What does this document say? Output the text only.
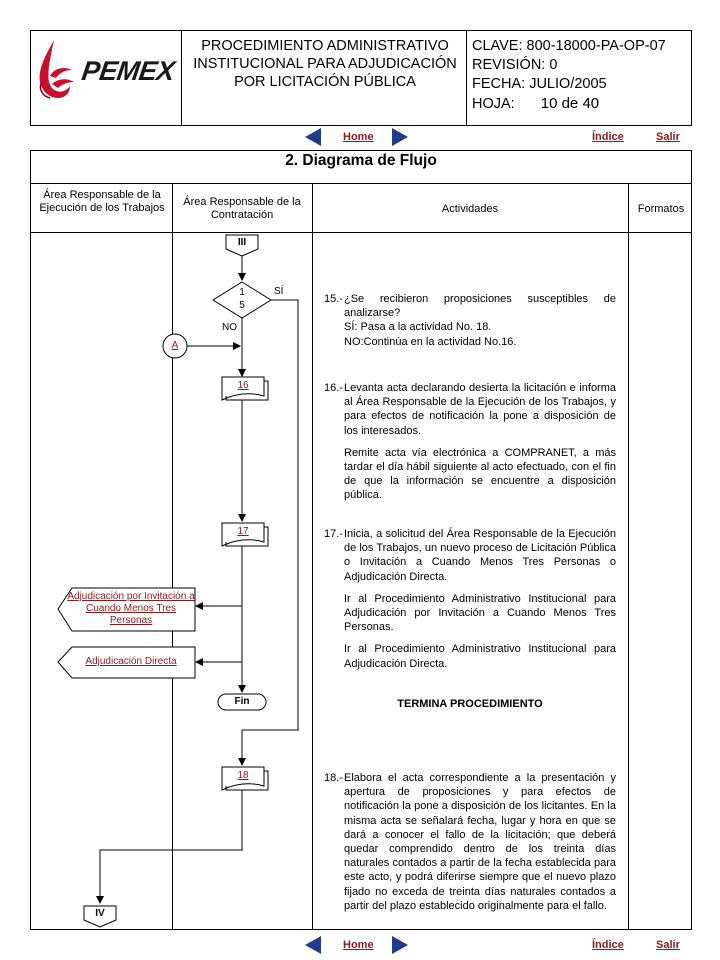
PEMEX
PROCEDIMIENTO ADMINISTRATIVO INSTITUCIONAL PARA ADJUDICACIÓN POR LICITACIÓN PÚBLICA
CLAVE: 800-18000-PA-OP-07
REVISIÓN: 0
FECHA: JULIO/2005
HOJA: 10 de 40
Home	Índice	Salir
2. Diagrama de Flujo
Área Responsable de la Ejecución de los Trabajos	Área Responsable de la Contratación	Actividades	Formatos
III
1
5
SÍ
NO
A
16
17
18
Fin
IV
Adjudicación por Invitación a Cuando Menos Tres Personas
Adjudicación Directa
15.- ¿Se recibieron proposiciones susceptibles de analizarse?
SÍ: Pasa a la actividad No. 18.
NO:Continúa en la actividad No.16.
16.- Levanta acta declarando desierta la licitación e informa al Área Responsable de la Ejecución de los Trabajos, y para efectos de notificación la pone a disposición de los interesados.
Remite acta vía electrónica a COMPRANET, a más tardar el día hábil siguiente al acto efectuado, con el fin de que la información se encuentre a disposición pública.
17.- Inicia, a solicitud del Área Responsable de la Ejecución de los Trabajos, un nuevo proceso de Licitación Pública o Invitación a Cuando Menos Tres Personas o Adjudicación Directa.
Ir al Procedimiento Administrativo Institucional para Adjudicación por Invitación a Cuando Menos Tres Personas.
Ir al Procedimiento Administrativo Institucional para Adjudicación Directa.
TERMINA PROCEDIMIENTO
18.- Elabora el acta correspondiente a la presentación y apertura de proposiciones y para efectos de notificación la pone a disposición de los licitantes. En la misma acta se señalará fecha, lugar y hora en que se dará a conocer el fallo de la licitación; que deberá quedar comprendido dentro de los treinta días naturales contados a partir de la fecha establecida para este acto, y podrá diferirse siempre que el nuevo plazo fijado no exceda de treinta días naturales contados a partir del plazo establecido originalmente para el fallo.
Home	Índice	Salir
